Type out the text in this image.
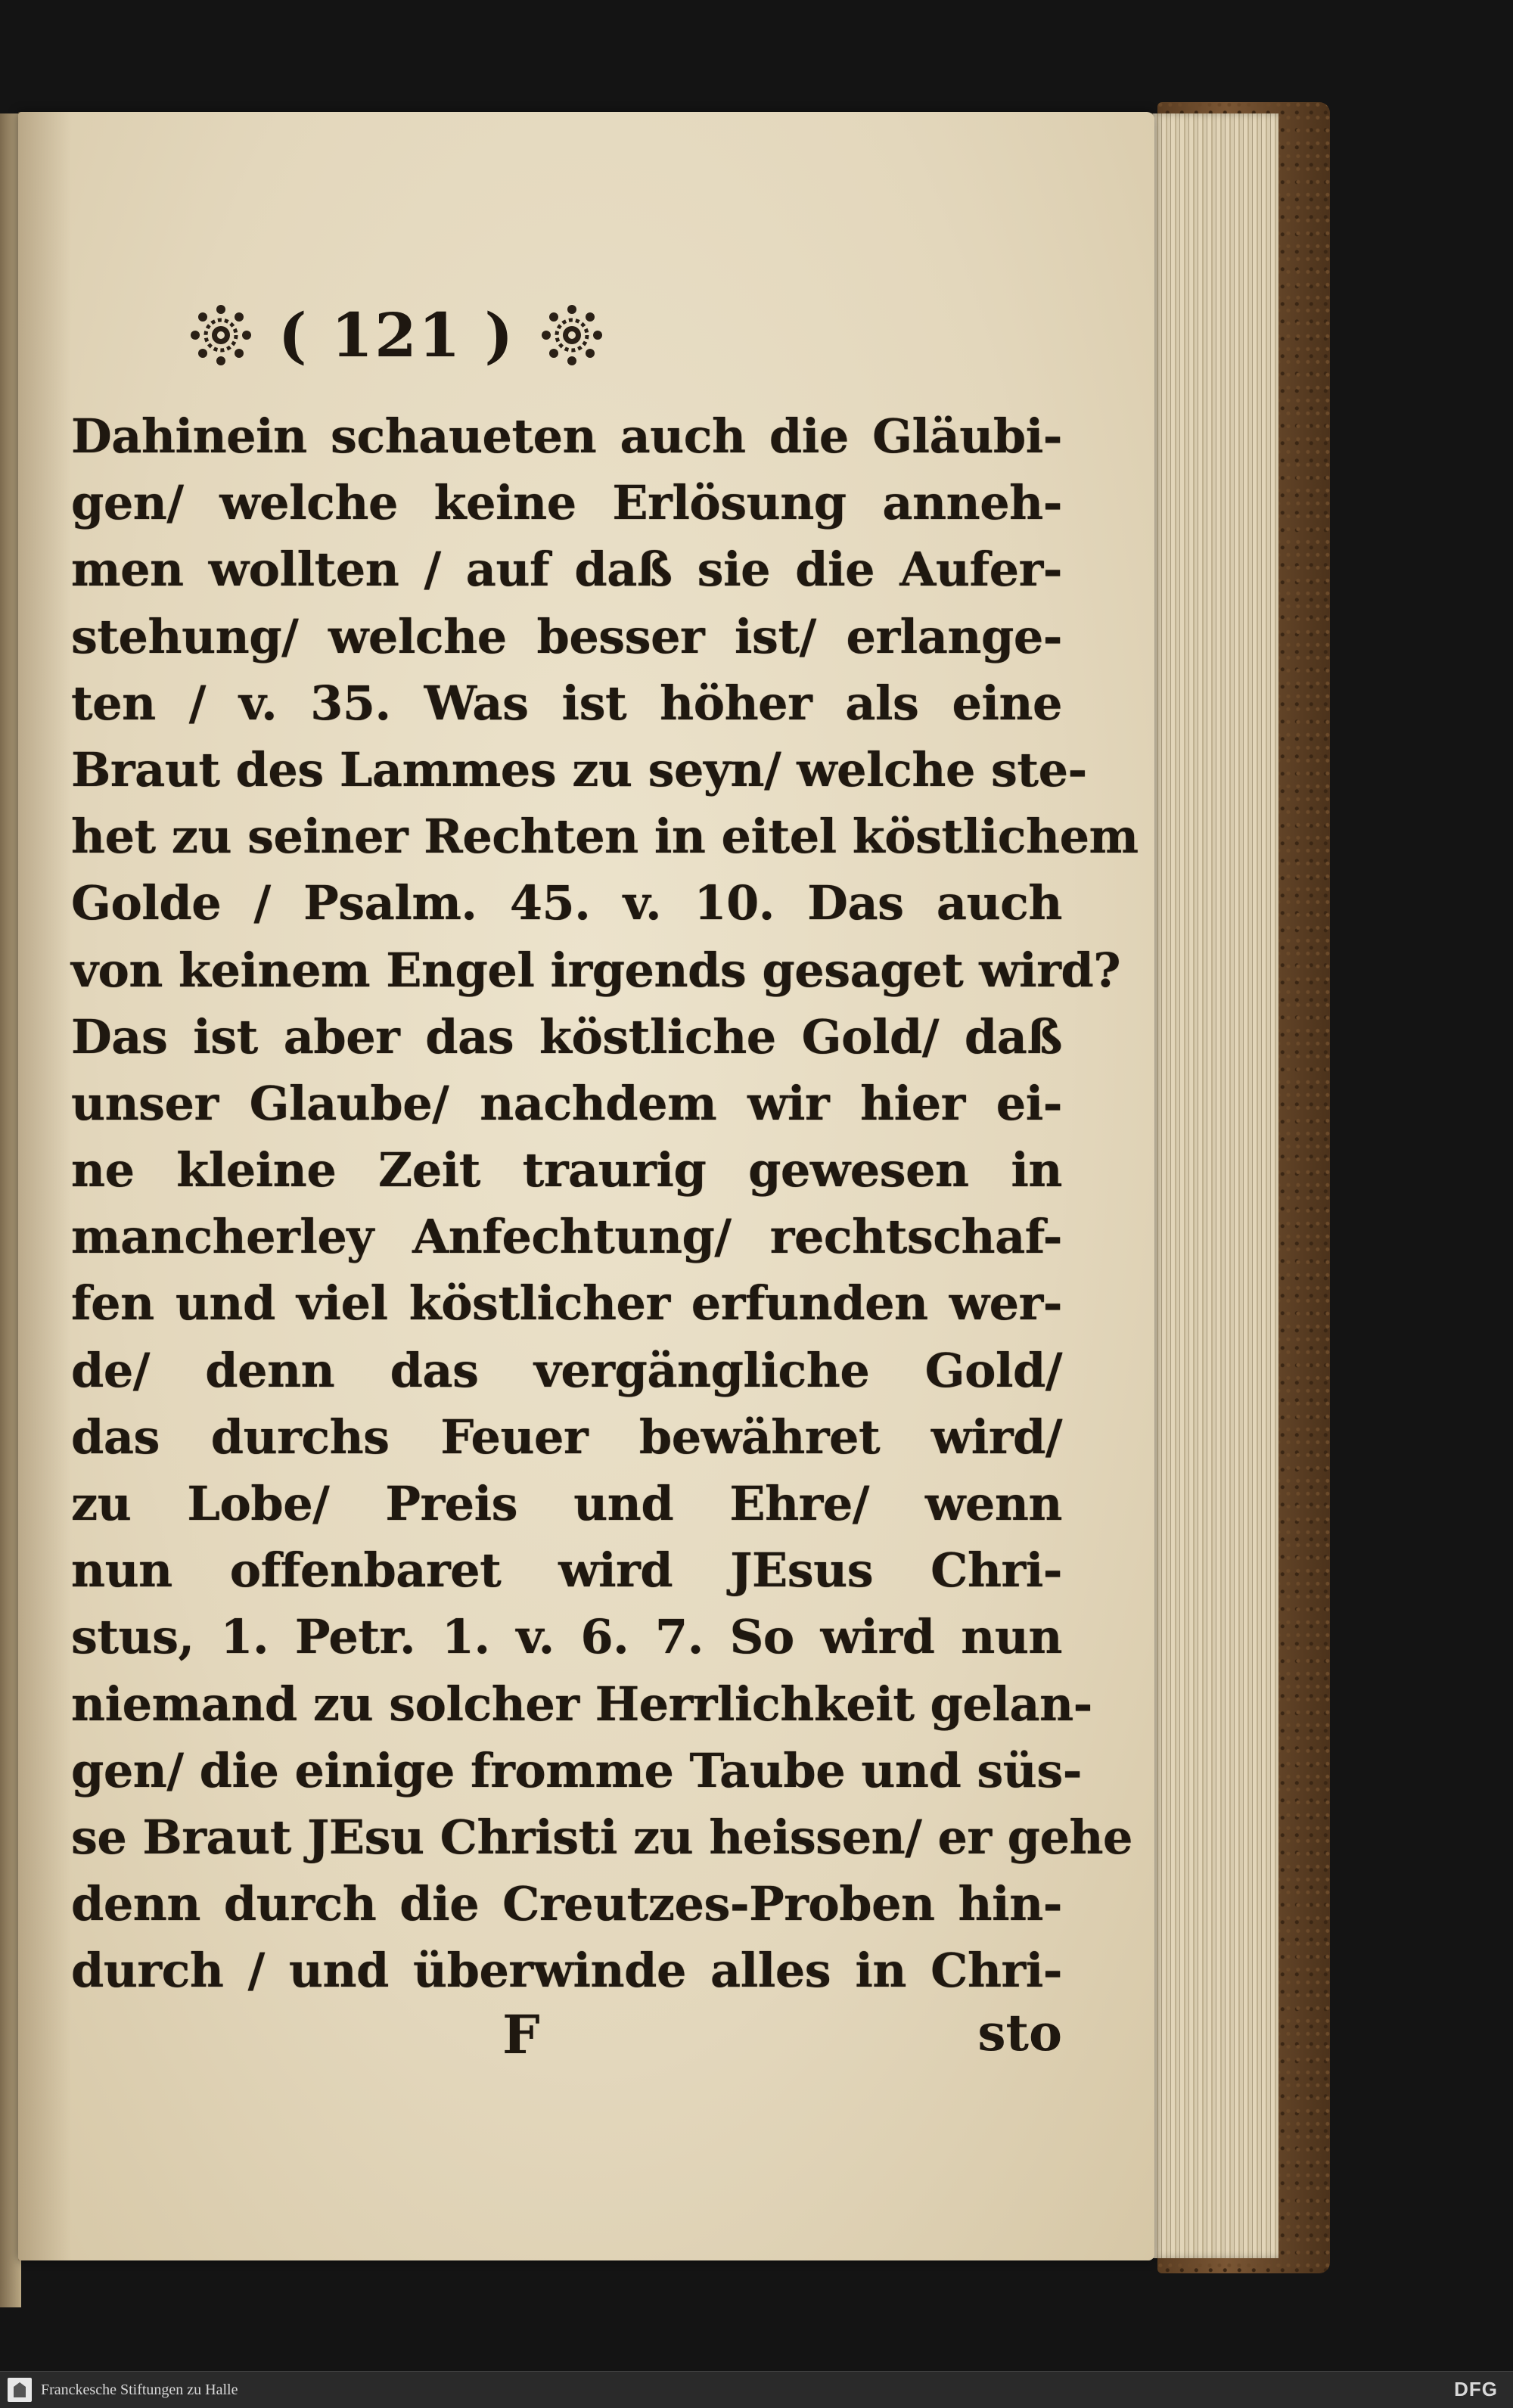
( 121 )
Dahinein schaueten auch die Gläubi-
gen/ welche keine Erlösung anneh-
men wollten / auf daß sie die Aufer-
stehung/ welche besser ist/ erlange-
ten / v. 35. Was ist höher als eine
Braut des Lammes zu seyn/ welche ste-
het zu seiner Rechten in eitel köstlichem
Golde / Psalm. 45. v. 10. Das auch
von keinem Engel irgends gesaget wird?
Das ist aber das köstliche Gold/ daß
unser Glaube/ nachdem wir hier ei-
ne kleine Zeit traurig gewesen in
mancherley Anfechtung/ rechtschaf-
fen und viel köstlicher erfunden wer-
de/ denn das vergängliche Gold/
das durchs Feuer bewähret wird/
zu Lobe/ Preis und Ehre/ wenn
nun offenbaret wird JEsus Chri-
stus, 1. Petr. 1. v. 6. 7. So wird nun
niemand zu solcher Herrlichkeit gelan-
gen/ die einige fromme Taube und süs-
se Braut JEsu Christi zu heissen/ er gehe
denn durch die Creutzes-Proben hin-
durch / und überwinde alles in Chri-
F	sto
Franckesche Stiftungen zu Halle	DFG
